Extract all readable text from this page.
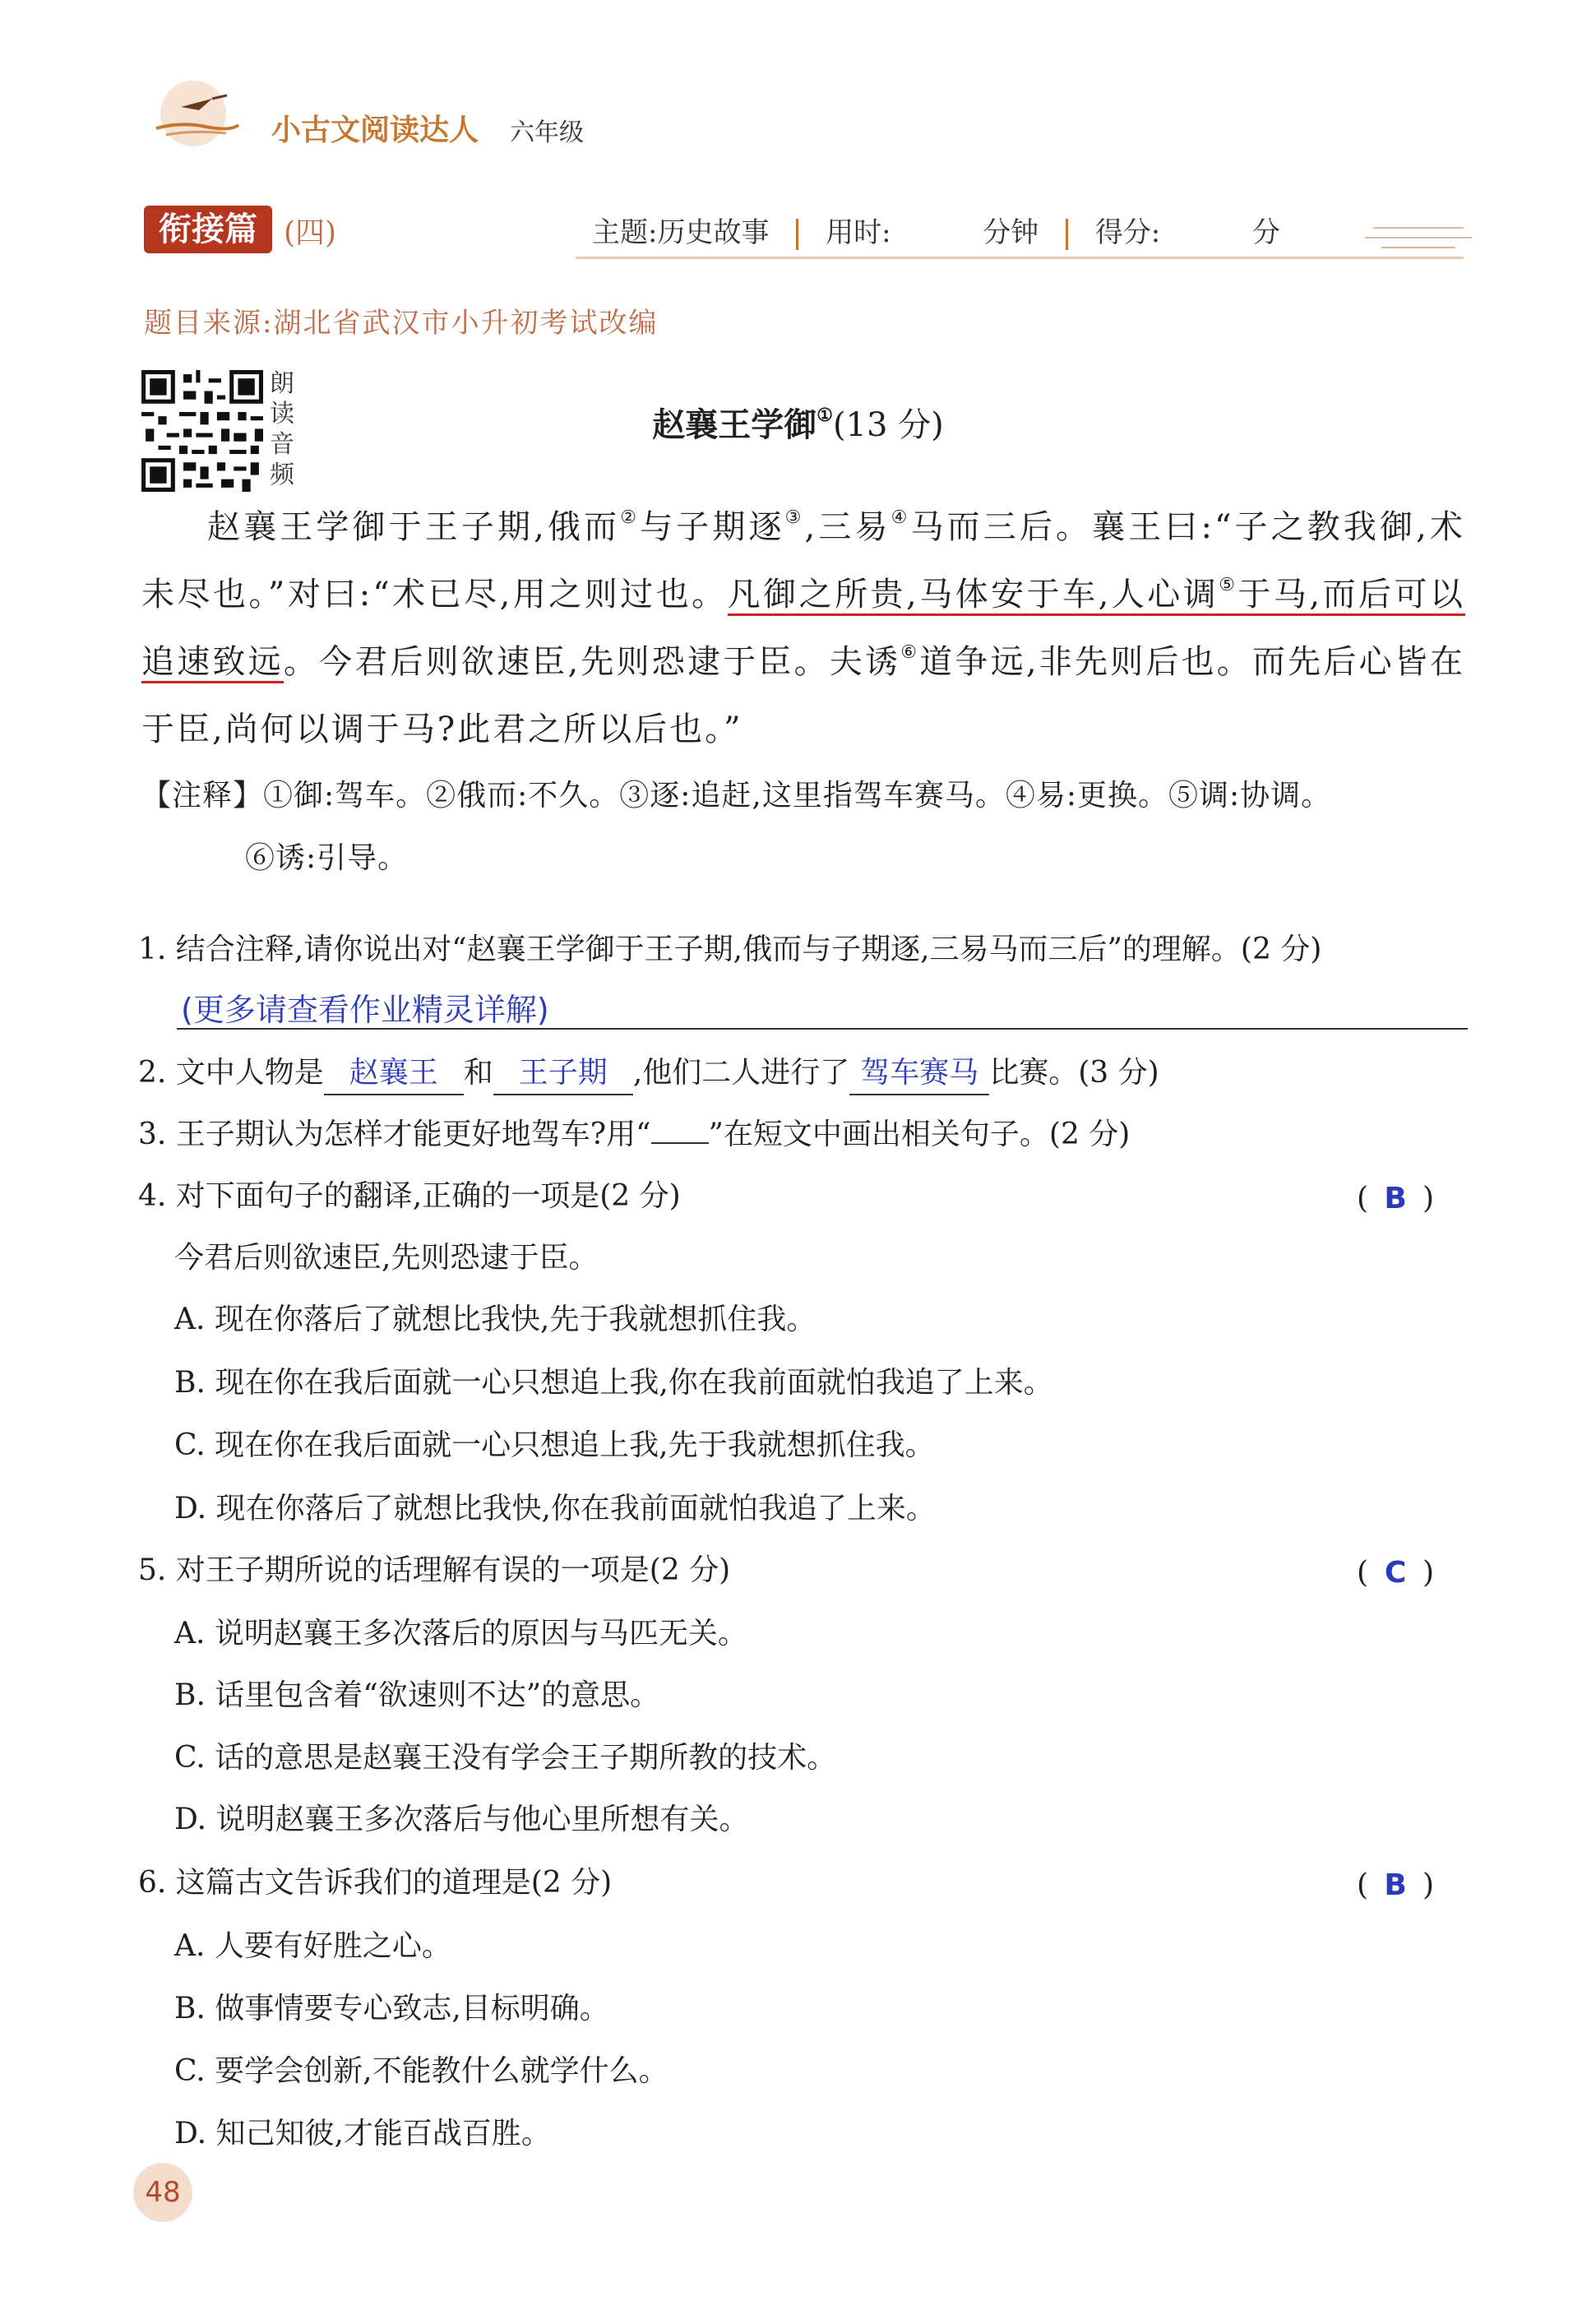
小古文阅读达人 六年级
衔接篇 (四)	主题:历史故事 用时:	分钟 得分:	分
题目来源:湖北省武汉市小升初考试改编
朗读音频
赵襄王学御①(13 分)

赵襄王学御于王子期,俄而②与子期逐③,三易④马而三后。襄王曰:“子之教我御,术未尽也。”对曰:“术已尽,用之则过也。凡御之所贵,马体安于车,人心调⑤于马,而后可以追速致远。今君后则欲速臣,先则恐逮于臣。夫诱⑥道争远,非先则后也。而先后心皆在于臣,尚何以调于马?此君之所以后也。”

【注释】①御:驾车。②俄而:不久。③逐:追赶,这里指驾车赛马。④易:更换。⑤调:协调。
⑥诱:引导。
1. 结合注释,请你说出对“赵襄王学御于王子期,俄而与子期逐,三易马而三后”的理解。(2 分)
(更多请查看作业精灵详解)
2. 文中人物是 赵襄王 和 王子期 ,他们二人进行了 驾车赛马 比赛。(3 分)
3. 王子期认为怎样才能更好地驾车?用“ ”在短文中画出相关句子。(2 分)
4. 对下面句子的翻译,正确的一项是(2 分)	( B )
今君后则欲速臣,先则恐逮于臣。
A. 现在你落后了就想比我快,先于我就想抓住我。
B. 现在你在我后面就一心只想追上我,你在我前面就怕我追了上来。
C. 现在你在我后面就一心只想追上我,先于我就想抓住我。
D. 现在你落后了就想比我快,你在我前面就怕我追了上来。
5. 对王子期所说的话理解有误的一项是(2 分)	( C )
A. 说明赵襄王多次落后的原因与马匹无关。
B. 话里包含着“欲速则不达”的意思。
C. 话的意思是赵襄王没有学会王子期所教的技术。
D. 说明赵襄王多次落后与他心里所想有关。
6. 这篇古文告诉我们的道理是(2 分)	( B )
A. 人要有好胜之心。
B. 做事情要专心致志,目标明确。
C. 要学会创新,不能教什么就学什么。
D. 知己知彼,才能百战百胜。
48
